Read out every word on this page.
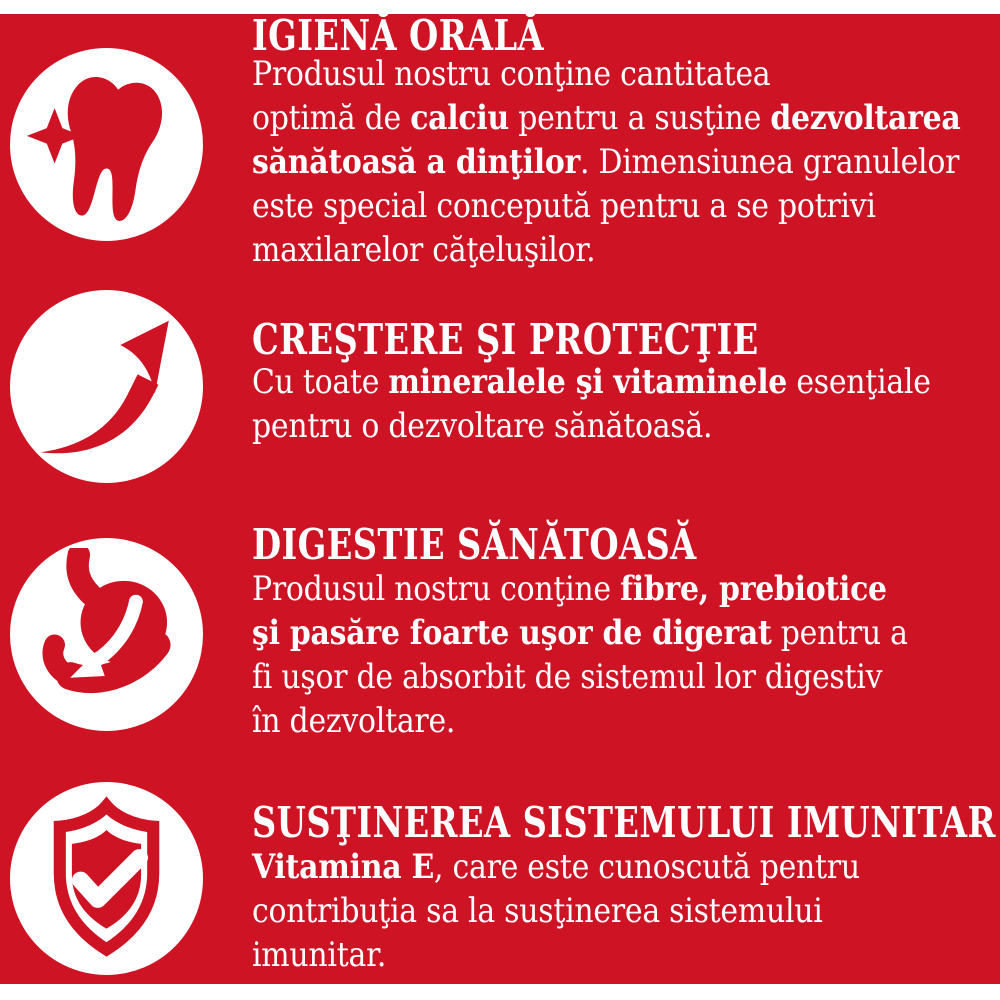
IGIENĂ ORALĂ
Produsul nostru conţine cantitatea
optimă de calciu pentru a susţine dezvoltarea
sănătoasă a dinţilor. Dimensiunea granulelor
este special concepută pentru a se potrivi
maxilarelor căţeluşilor.
CREŞTERE ŞI PROTECŢIE
Cu toate mineralele şi vitaminele esenţiale
pentru o dezvoltare sănătoasă.
DIGESTIE SĂNĂTOASĂ
Produsul nostru conţine fibre, prebiotice
şi pasăre foarte uşor de digerat pentru a
fi uşor de absorbit de sistemul lor digestiv
în dezvoltare.
SUSŢINEREA SISTEMULUI IMUNITAR
Vitamina E, care este cunoscută pentru
contribuţia sa la susţinerea sistemului
imunitar.
